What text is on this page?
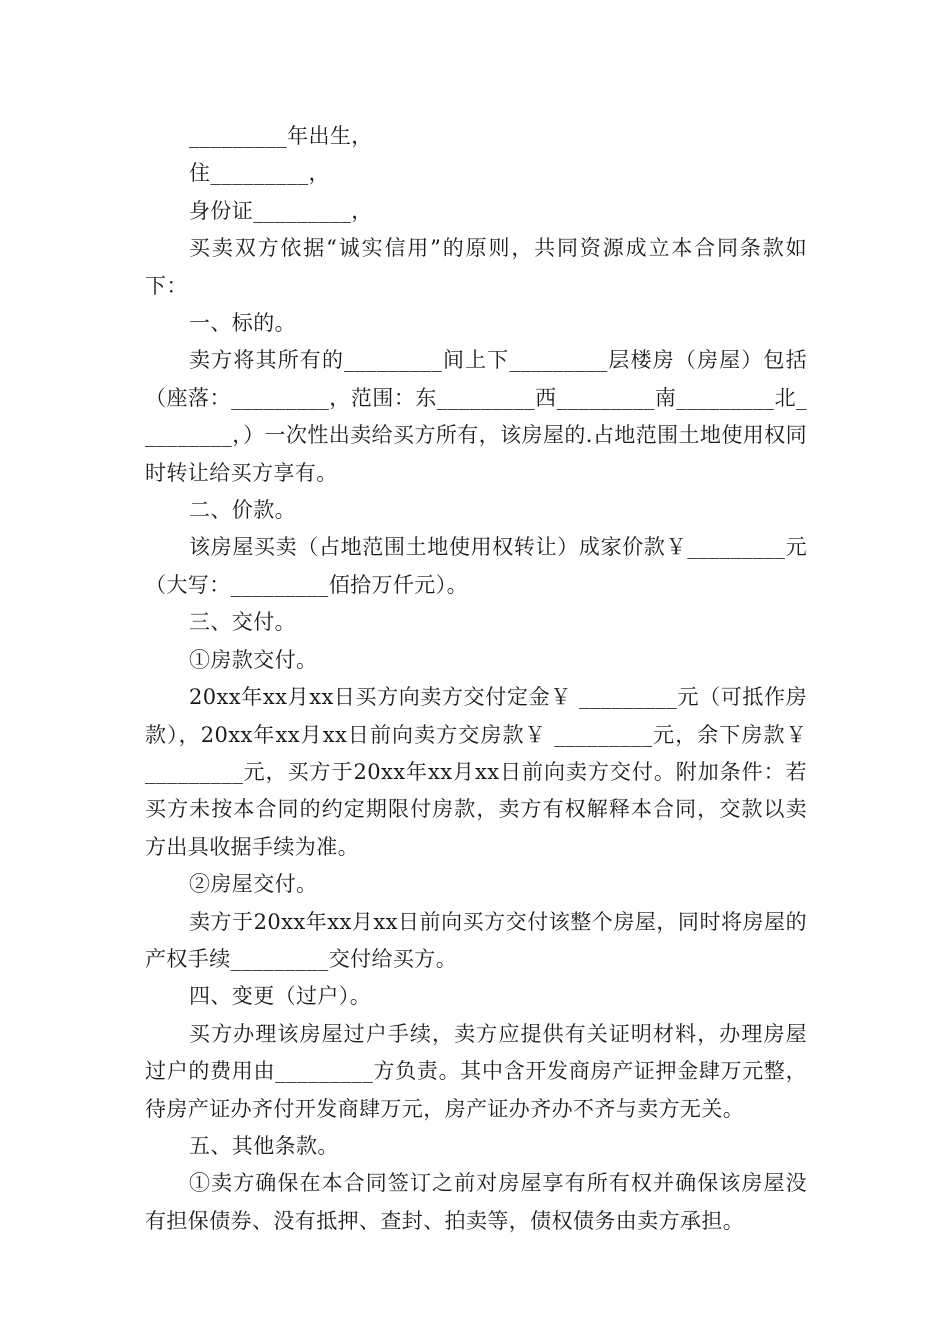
_________年出生，

住_________，

身份证_________，

买卖双方依据“诚实信用”的原则，共同资源成立本合同条款如下：

一、标的。

卖方将其所有的_________间上下_________层楼房（房屋）包括（座落：_________，范围：东_________西_________南_________北_________，）一次性出卖给买方所有，该房屋的.占地范围土地使用权同时转让给买方享有。

二、价款。

该房屋买卖（占地范围土地使用权转让）成家价款￥_________元（大写：_________佰拾万仟元）。

三、交付。

①房款交付。

20xx年xx月xx日买方向卖方交付定金￥ _________元（可抵作房款），20xx年xx月xx日前向卖方交房款￥ _________元，余下房款￥ _________元，买方于20xx年xx月xx日前向卖方交付。附加条件：若买方未按本合同的约定期限付房款，卖方有权解释本合同，交款以卖方出具收据手续为准。

②房屋交付。

卖方于20xx年xx月xx日前向买方交付该整个房屋，同时将房屋的产权手续_________交付给买方。

四、变更（过户）。

买方办理该房屋过户手续，卖方应提供有关证明材料，办理房屋过户的费用由_________方负责。其中含开发商房产证押金肆万元整，待房产证办齐付开发商肆万元，房产证办齐办不齐与卖方无关。

五、其他条款。

①卖方确保在本合同签订之前对房屋享有所有权并确保该房屋没有担保债券、没有抵押、查封、拍卖等，债权债务由卖方承担。
